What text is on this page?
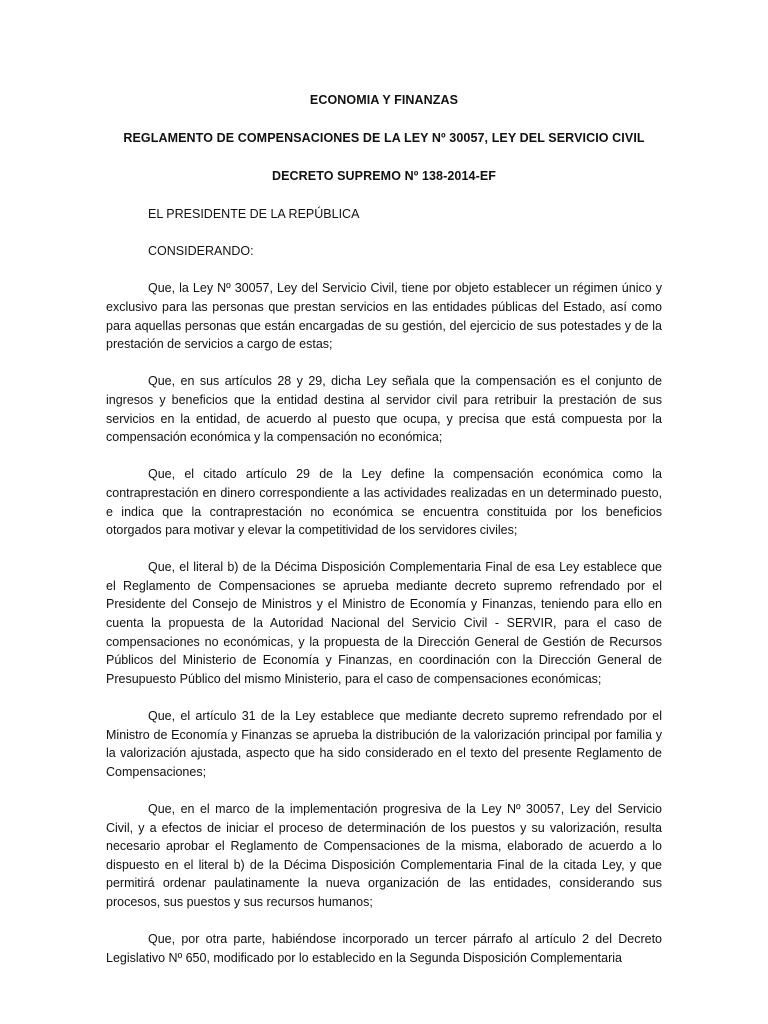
ECONOMIA Y FINANZAS

REGLAMENTO DE COMPENSACIONES DE LA LEY Nº 30057, LEY DEL SERVICIO CIVIL

DECRETO SUPREMO Nº 138-2014-EF

EL PRESIDENTE DE LA REPÚBLICA

CONSIDERANDO:

Que, la Ley Nº 30057, Ley del Servicio Civil, tiene por objeto establecer un régimen único y exclusivo para las personas que prestan servicios en las entidades públicas del Estado, así como para aquellas personas que están encargadas de su gestión, del ejercicio de sus potestades y de la prestación de servicios a cargo de estas;

Que, en sus artículos 28 y 29, dicha Ley señala que la compensación es el conjunto de ingresos y beneficios que la entidad destina al servidor civil para retribuir la prestación de sus servicios en la entidad, de acuerdo al puesto que ocupa, y precisa que está compuesta por la compensación económica y la compensación no económica;

Que, el citado artículo 29 de la Ley define la compensación económica como la contraprestación en dinero correspondiente a las actividades realizadas en un determinado puesto, e indica que la contraprestación no económica se encuentra constituida por los beneficios otorgados para motivar y elevar la competitividad de los servidores civiles;

Que, el literal b) de la Décima Disposición Complementaria Final de esa Ley establece que el Reglamento de Compensaciones se aprueba mediante decreto supremo refrendado por el Presidente del Consejo de Ministros y el Ministro de Economía y Finanzas, teniendo para ello en cuenta la propuesta de la Autoridad Nacional del Servicio Civil - SERVIR, para el caso de compensaciones no económicas, y la propuesta de la Dirección General de Gestión de Recursos Públicos del Ministerio de Economía y Finanzas, en coordinación con la Dirección General de Presupuesto Público del mismo Ministerio, para el caso de compensaciones económicas;

Que, el artículo 31 de la Ley establece que mediante decreto supremo refrendado por el Ministro de Economía y Finanzas se aprueba la distribución de la valorización principal por familia y la valorización ajustada, aspecto que ha sido considerado en el texto del presente Reglamento de Compensaciones;

Que, en el marco de la implementación progresiva de la Ley Nº 30057, Ley del Servicio Civil, y a efectos de iniciar el proceso de determinación de los puestos y su valorización, resulta necesario aprobar el Reglamento de Compensaciones de la misma, elaborado de acuerdo a lo dispuesto en el literal b) de la Décima Disposición Complementaria Final de la citada Ley, y que permitirá ordenar paulatinamente la nueva organización de las entidades, considerando sus procesos, sus puestos y sus recursos humanos;

Que, por otra parte, habiéndose incorporado un tercer párrafo al artículo 2 del Decreto Legislativo Nº 650, modificado por lo establecido en la Segunda Disposición Complementaria
